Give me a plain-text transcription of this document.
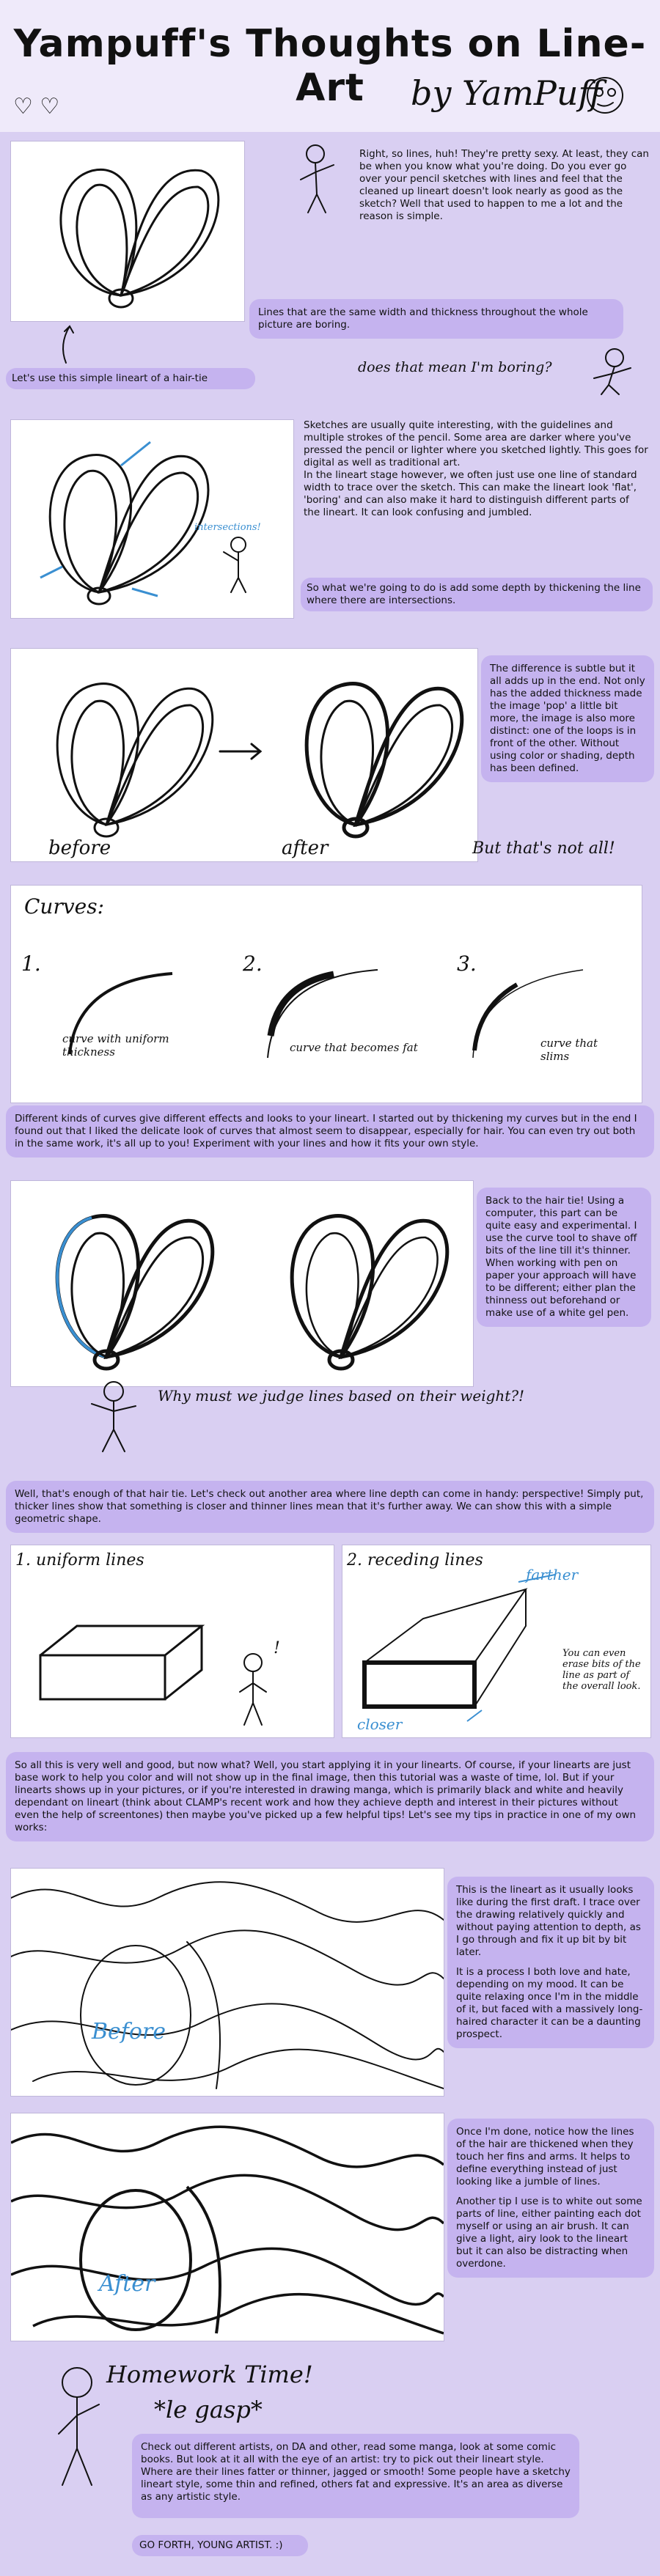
Yampuff's Thoughts on Line-Art	by YamPuff
♡ ♡
Right, so lines, huh! They're pretty sexy. At least, they can be when you know what you're doing. Do you ever go over your pencil sketches with lines and feel that the cleaned up lineart doesn't look nearly as good as the sketch? Well that used to happen to me a lot and the reason is simple.
Lines that are the same width and thickness throughout the whole picture are boring.
Let's use this simple lineart of a hair-tie
does that mean I'm boring?
intersections!
Sketches are usually quite interesting, with the guidelines and multiple strokes of the pencil. Some area are darker where you've pressed the pencil or lighter where you sketched lightly. This goes for digital as well as traditional art.
In the lineart stage however, we often just use one line of standard width to trace over the sketch. This can make the lineart look 'flat', 'boring' and can also make it hard to distinguish different parts of the lineart. It can look confusing and jumbled.
So what we're going to do is add some depth by thickening the line where there are intersections.
before	after
The difference is subtle but it all adds up in the end. Not only has the added thickness made the image 'pop' a little bit more, the image is also more distinct: one of the loops is in front of the other. Without using color or shading, depth has been defined.
But that's not all!
Curves:
1.	2.	3.
curve with uniform thickness	curve that becomes fat	curve that slims
Different kinds of curves give different effects and looks to your lineart. I started out by thickening my curves but in the end I found out that I liked the delicate look of curves that almost seem to disappear, especially for hair. You can even try out both in the same work, it's all up to you! Experiment with your lines and how it fits your own style.
Back to the hair tie! Using a computer, this part can be quite easy and experimental. I use the curve tool to shave off bits of the line till it's thinner. When working with pen on paper your approach will have to be different; either plan the thinness out beforehand or make use of a white gel pen.
Why must we judge lines based on their weight?!
Well, that's enough of that hair tie. Let's check out another area where line depth can come in handy: perspective! Simply put, thicker lines show that something is closer and thinner lines mean that it's further away. We can show this with a simple geometric shape.
1. uniform lines
!
2. receding lines
farther
closer
You can even erase bits of the line as part of the overall look.
So all this is very well and good, but now what? Well, you start applying it in your linearts. Of course, if your linearts are just base work to help you color and will not show up in the final image, then this tutorial was a waste of time, lol. But if your linearts shows up in your pictures, or if you're interested in drawing manga, which is primarily black and white and heavily dependant on lineart (think about CLAMP's recent work and how they achieve depth and interest in their pictures without even the help of screentones) then maybe you've picked up a few helpful tips! Let's see my tips in practice in one of my own works:
Before
This is the lineart as it usually looks like during the first draft. I trace over the drawing relatively quickly and without paying attention to depth, as I go through and fix it up bit by bit later.
It is a process I both love and hate, depending on my mood. It can be quite relaxing once I'm in the middle of it, but faced with a massively long-haired character it can be a daunting prospect.
After
Once I'm done, notice how the lines of the hair are thickened when they touch her fins and arms. It helps to define everything instead of just looking like a jumble of lines.
Another tip I use is to white out some parts of line, either painting each dot myself or using an air brush. It can give a light, airy look to the lineart but it can also be distracting when overdone.
Homework Time!
*le gasp*
Check out different artists, on DA and other, read some manga, look at some comic books. But look at it all with the eye of an artist: try to pick out their lineart style. Where are their lines fatter or thinner, jagged or smooth! Some people have a sketchy lineart style, some thin and refined, others fat and expressive. It's an area as diverse as any artistic style.
GO FORTH, YOUNG ARTIST. :)
